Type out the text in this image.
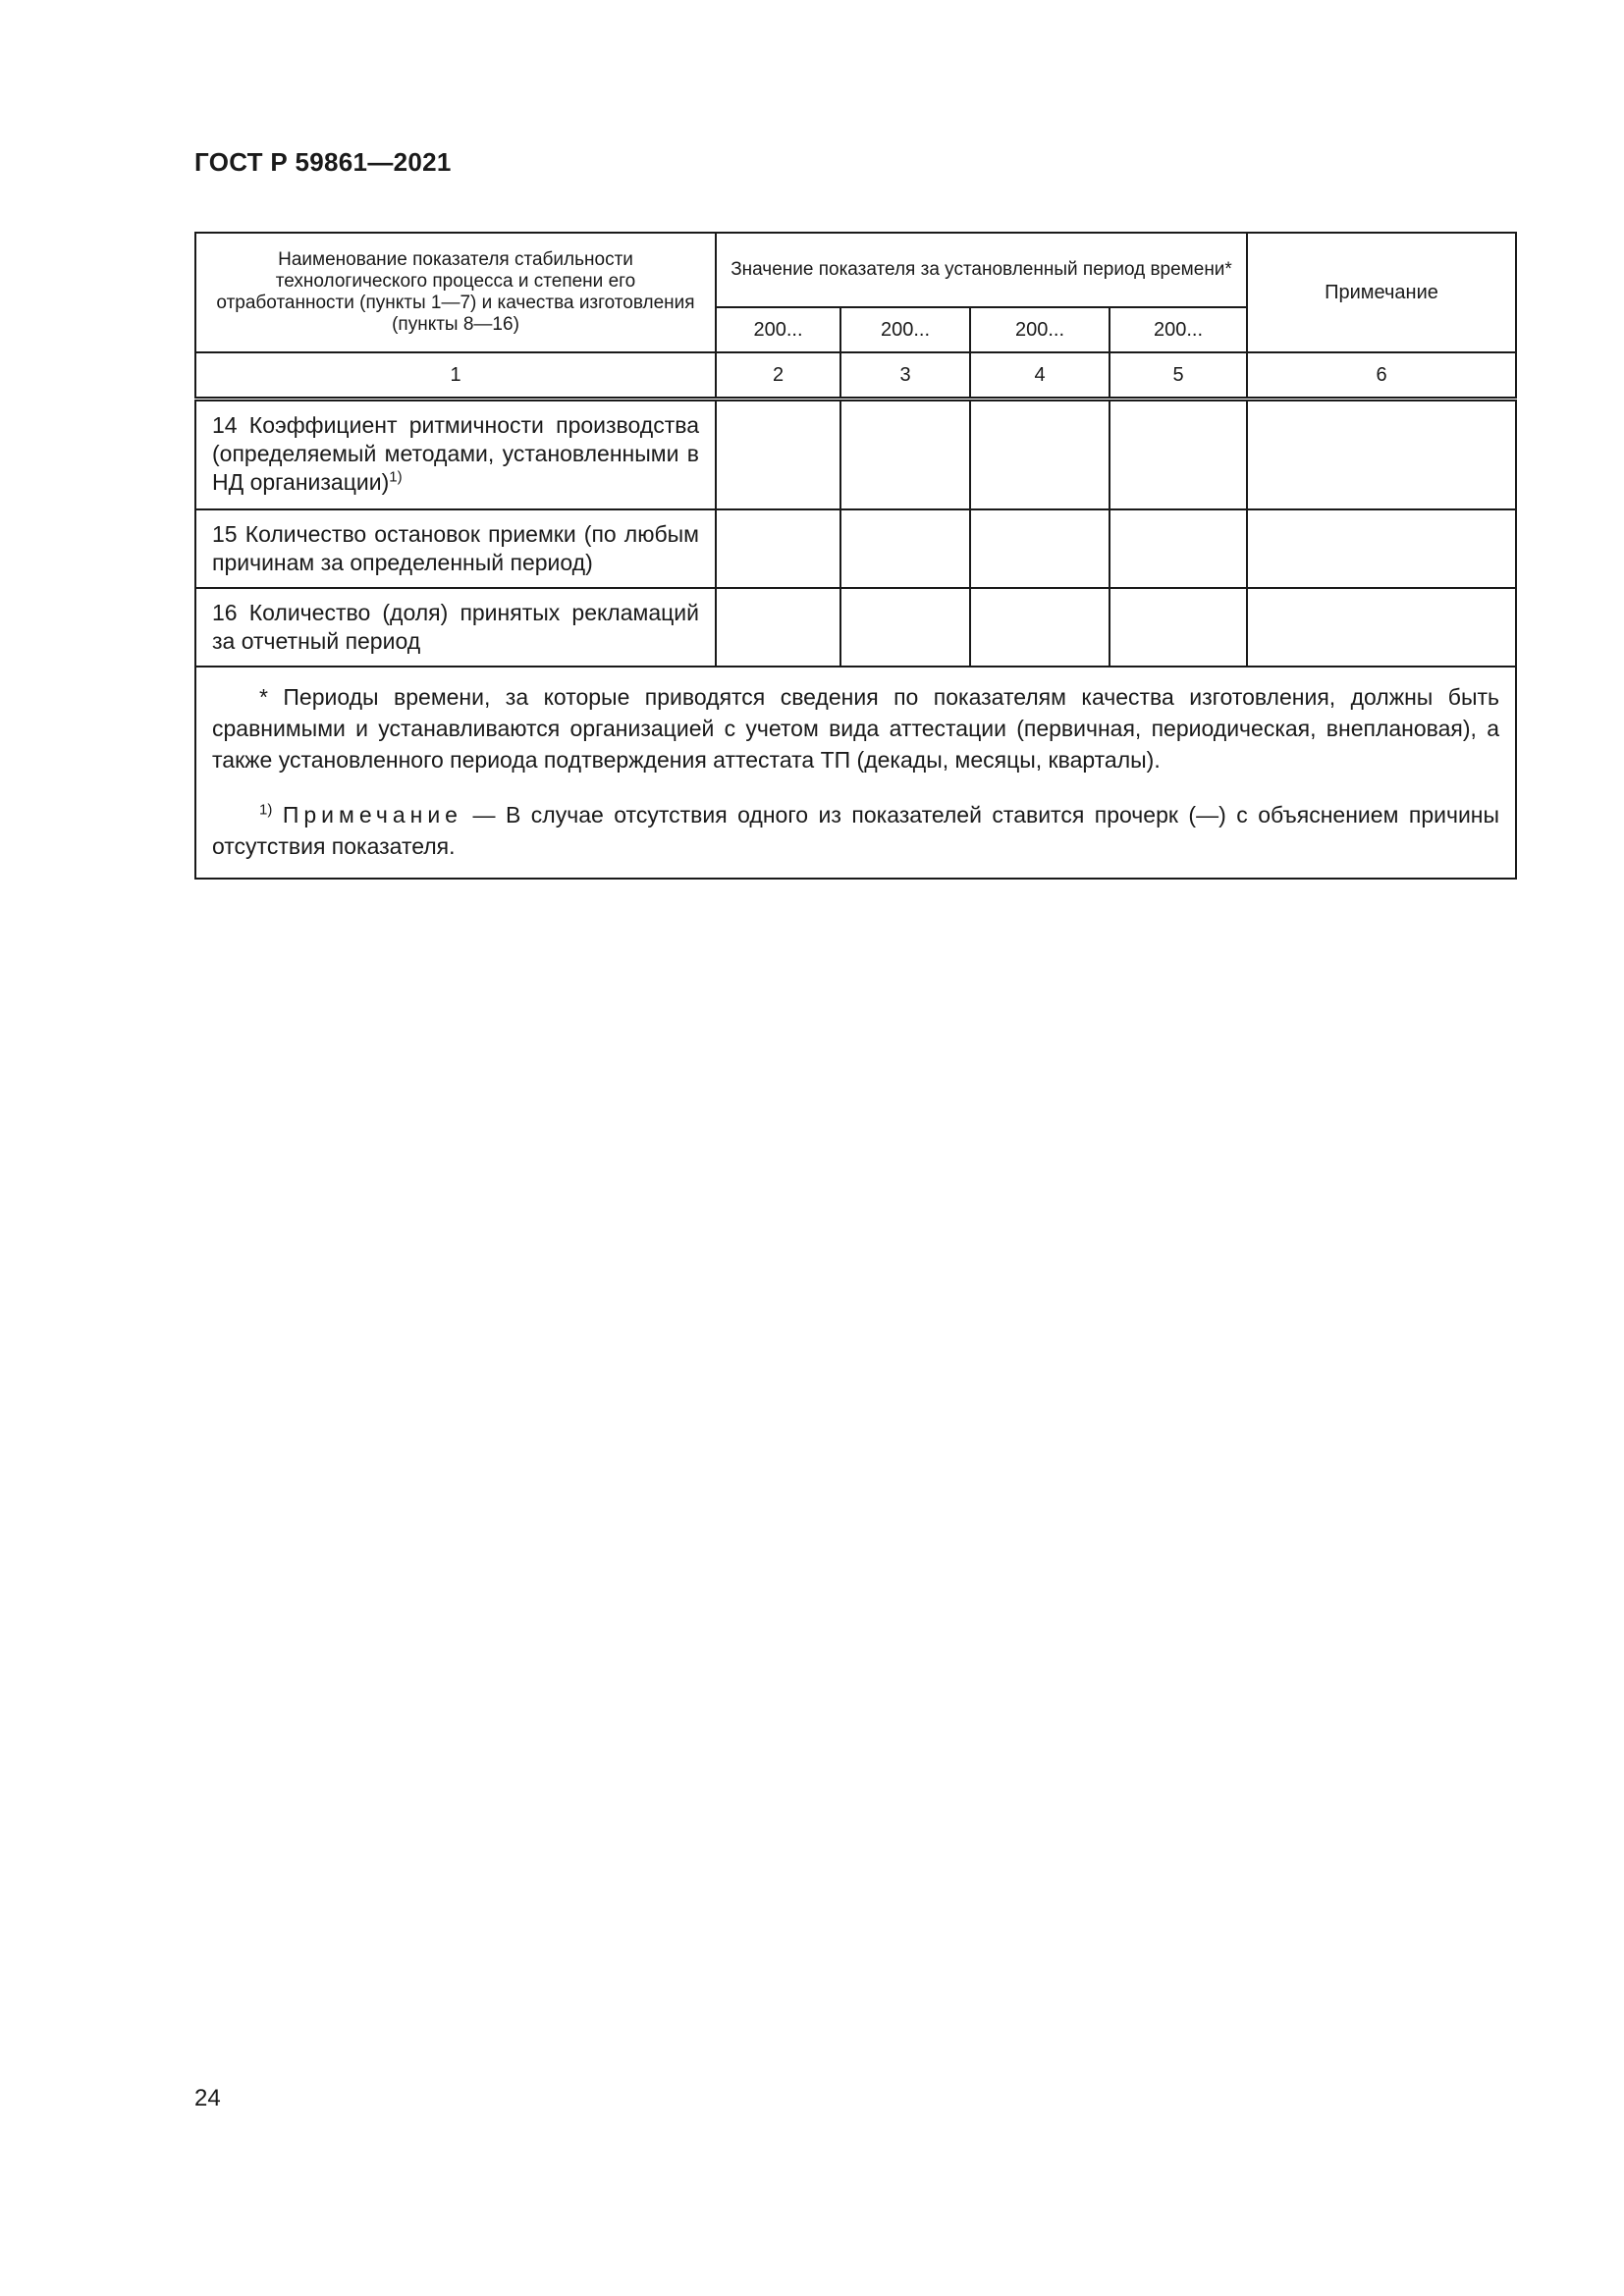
ГОСТ Р 59861—2021
Наименование показателя стабильности технологического процесса и степени его отработанности (пункты 1—7) и качества изготовления (пункты 8—16)	Значение показателя за установленный период времени*				Примечание
	200...	200...	200...	200...	
1	2	3	4	5	6
14 Коэффициент ритмичности производства (определяемый методами, установленными в НД организации)$^{1)}$					
15 Количество остановок приемки (по любым причинам за определенный период)					
16 Количество (доля) принятых рекламаций за отчетный период					

* Периоды времени, за которые приводятся сведения по показателям качества изготовления, должны быть сравнимыми и устанавливаются организацией с учетом вида аттестации (первичная, периодическая, внеплановая), а также установленного периода подтверждения аттестата ТП (декады, месяцы, кварталы).

$^{1)}$ Примечание — В случае отсутствия одного из показателей ставится прочерк (—) с объяснением причины отсутствия показателя.					

24
